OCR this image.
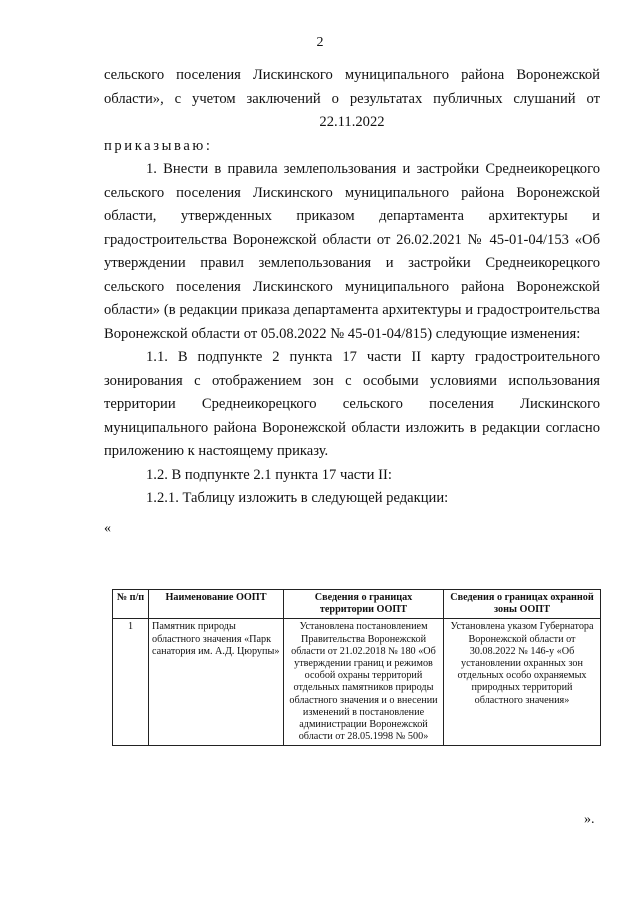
2

сельского поселения Лискинского муниципального района Воронежской

области», с учетом заключений о результатах публичных слушаний от

22.11.2022

приказываю:

1. Внести в правила землепользования и застройки Среднеикорецкого сельского поселения Лискинского муниципального района Воронежской области, утвержденных приказом департамента архитектуры и градостроительства Воронежской области от 26.02.2021 № 45-01-04/153 «Об утверждении правил землепользования и застройки Среднеикорецкого сельского поселения Лискинского муниципального района Воронежской области» (в редакции приказа департамента архитектуры и градостроительства Воронежской области от 05.08.2022 № 45-01-04/815) следующие изменения:

1.1. В подпункте 2 пункта 17 части II карту градостроительного зонирования с отображением зон с особыми условиями использования территории Среднеикорецкого сельского поселения Лискинского муниципального района Воронежской области изложить в редакции согласно приложению к настоящему приказу.

1.2. В подпункте 2.1 пункта 17 части II:

1.2.1. Таблицу изложить в следующей редакции:

«

№ п/п	Наименование ООПТ	Сведения о границах территории ООПТ	Сведения о границах охранной зоны ООПТ
1	Памятник природы областного значения «Парк санатория им. А.Д. Цюрупы»	Установлена постановлением Правительства Воронежской области от 21.02.2018 № 180 «Об утверждении границ и режимов особой охраны территорий отдельных памятников природы областного значения и о внесении изменений в постановление администрации Воронежской области от 28.05.1998 № 500»	Установлена указом Губернатора Воронежской области от 30.08.2022 № 146-у «Об установлении охранных зон отдельных особо охраняемых природных территорий областного значения»
».
